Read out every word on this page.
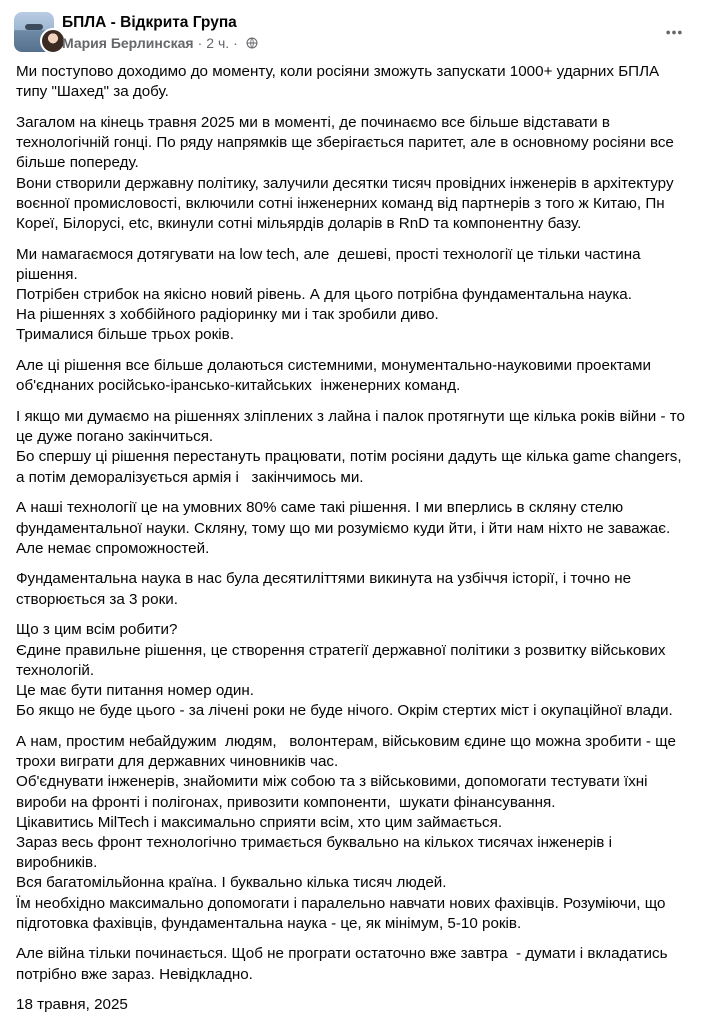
БПЛА - Відкрита Група
Мария Берлинская · 2 ч. ·
Ми поступово доходимо до моменту, коли росіяни зможуть запускати 1000+ ударних БПЛА типу "Шахед" за добу.
Загалом на кінець травня 2025 ми в моменті, де починаємо все більше відставати в технологічній гонці. По ряду напрямків ще зберігається паритет, але в основному росіяни все більше попереду.
Вони створили державну політику, залучили десятки тисяч провідних інженерів в архітектуру воєнної промисловості, включили сотні інженерних команд від партнерів з того ж Китаю, Пн Кореї, Білорусі, etc, вкинули сотні мільярдів доларів в RnD та компонентну базу.
Ми намагаємося дотягувати на low tech, але  дешеві, прості технології це тільки частина рішення.
Потрібен стрибок на якісно новий рівень. А для цього потрібна фундаментальна наука.
На рішеннях з хоббійного радіоринку ми і так зробили диво.
Трималися більше трьох років.
Але ці рішення все більше долаються системними, монументально-науковими проектами об'єднаних російсько-ірансько-китайських  інженерних команд.
І якщо ми думаємо на рішеннях зліплених з лайна і палок протягнути ще кілька років війни - то це дуже погано закінчиться.
Бо спершу ці рішення перестануть працювати, потім росіяни дадуть ще кілька game changers, а потім деморалізується армія і   закінчимось ми.
А наші технології це на умовних 80% саме такі рішення. І ми вперлись в скляну стелю фундаментальної науки. Скляну, тому що ми розуміємо куди йти, і йти нам ніхто не заважає. Але немає спроможностей.
Фундаментальна наука в нас була десятиліттями викинута на узбіччя історії, і точно не створюється за 3 роки.
Що з цим всім робити?
Єдине правильне рішення, це створення стратегії державної політики з розвитку військових технологій.
Це має бути питання номер один.
Бо якщо не буде цього - за лічені роки не буде нічого. Окрім стертих міст і окупаційної влади.
А нам, простим небайдужим  людям,   волонтерам, військовим єдине що можна зробити - ще трохи виграти для державних чиновників час.
Об'єднувати інженерів, знайомити між собою та з військовими, допомогати тестувати їхні вироби на фронті і полігонах, привозити компоненти,  шукати фінансування.
Цікавитись MilTech і максимально сприяти всім, хто цим займається.
Зараз весь фронт технологічно тримається буквально на кількох тисячах інженерів і виробників.
Вся багатомільйонна країна. І буквально кілька тисяч людей.
Їм необхідно максимально допомогати і паралельно навчати нових фахівців. Розуміючи, що підготовка фахівців, фундаментальна наука - це, як мінімум, 5-10 років.
Але війна тільки починається. Щоб не програти остаточно вже завтра  - думати і вкладатись потрібно вже зараз. Невідкладно.
18 травня, 2025
